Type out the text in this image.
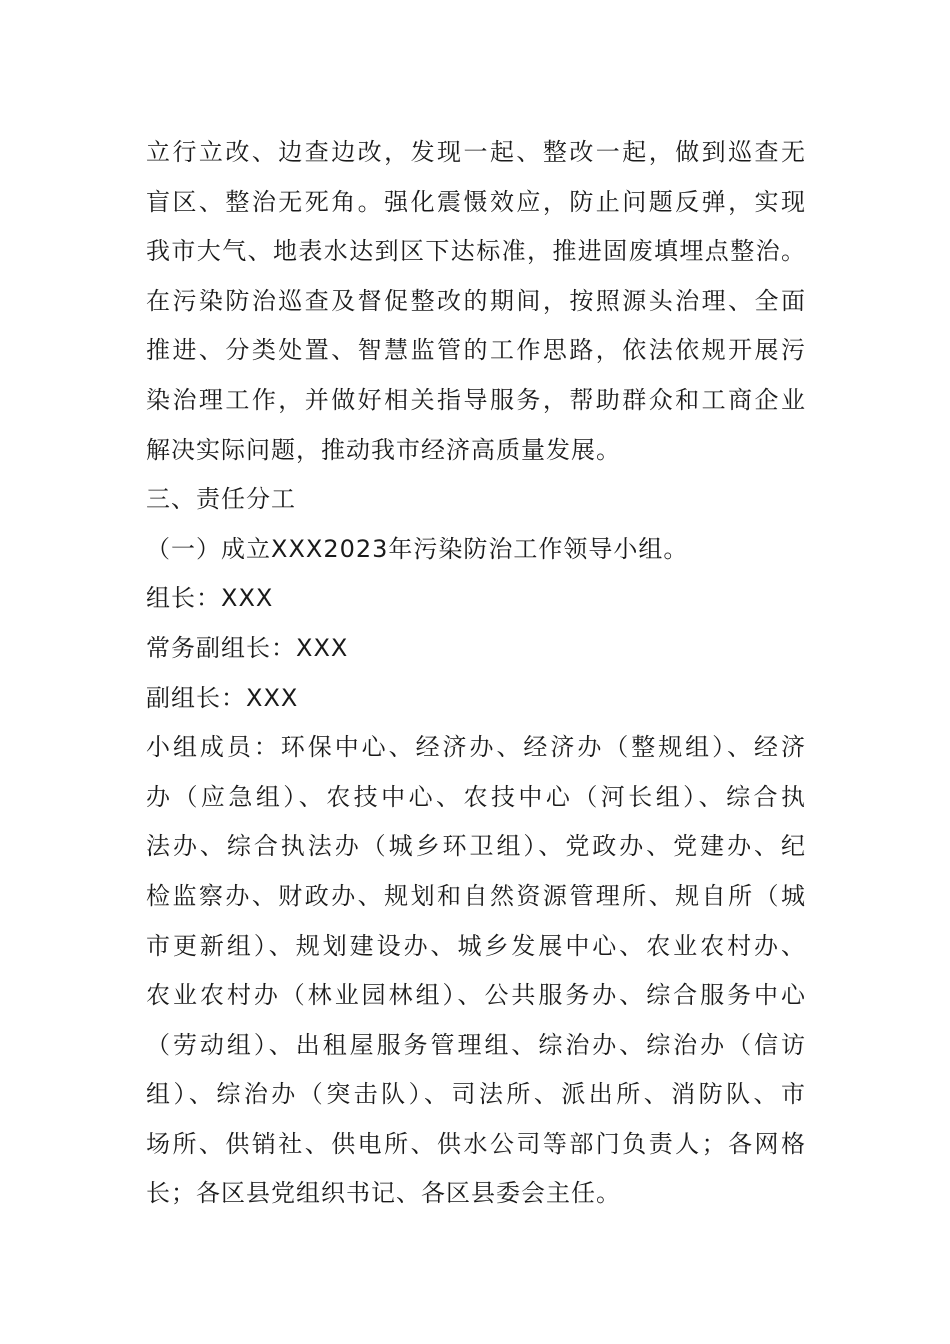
立行立改、边查边改，发现一起、整改一起，做到巡查无
盲区、整治无死角。强化震慑效应，防止问题反弹，实现
我市大气、地表水达到区下达标准，推进固废填埋点整治。
在污染防治巡查及督促整改的期间，按照源头治理、全面
推进、分类处置、智慧监管的工作思路，依法依规开展污
染治理工作，并做好相关指导服务，帮助群众和工商企业
解决实际问题，推动我市经济高质量发展。
三、责任分工
（一）成立XXX2023年污染防治工作领导小组。
组长：XXX
常务副组长：XXX
副组长：XXX
小组成员：环保中心、经济办、经济办（整规组）、经济
办（应急组）、农技中心、农技中心（河长组）、综合执
法办、综合执法办（城乡环卫组）、党政办、党建办、纪
检监察办、财政办、规划和自然资源管理所、规自所（城
市更新组）、规划建设办、城乡发展中心、农业农村办、
农业农村办（林业园林组）、公共服务办、综合服务中心
（劳动组）、出租屋服务管理组、综治办、综治办（信访
组）、综治办（突击队）、司法所、派出所、消防队、市
场所、供销社、供电所、供水公司等部门负责人；各网格
长；各区县党组织书记、各区县委会主任。
